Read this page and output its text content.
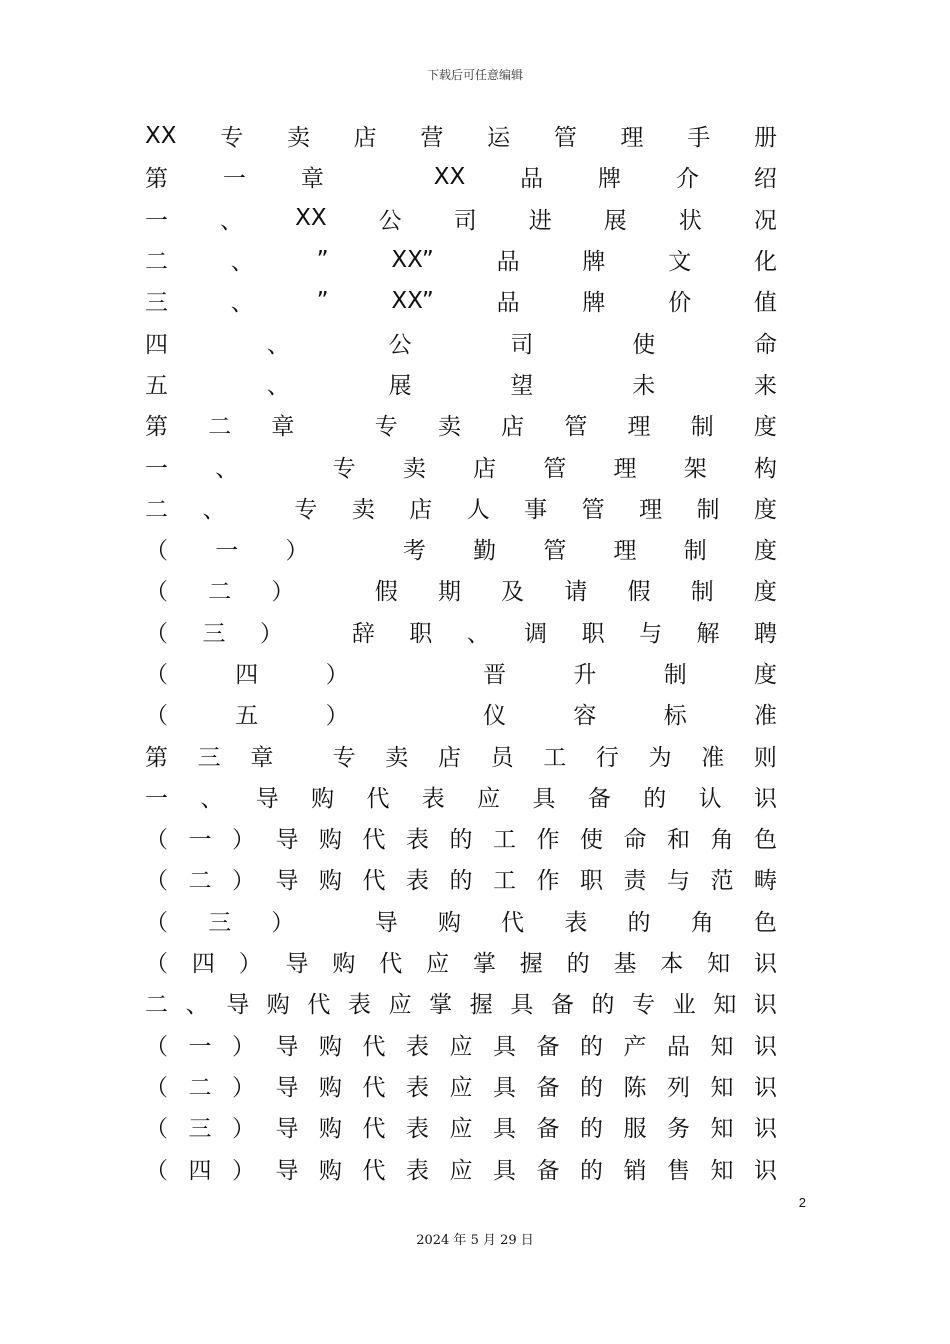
下载后可任意编辑
XX 专 卖 店 营 运 管 理 手 册
第 一 章	XX 品 牌 介 绍
一 、 XX 公 司 进 展 状 况
二	、	”	XX”	品	牌	文	化
三	、	”	XX”	品	牌	价	值
四	、	公	司	使	命
五	、	展	望	未	来
第 二 章	专 卖 店 管 理 制 度
一 、	专 卖 店 管 理 架 构
二 、	专 卖 店 人 事 管 理 制 度
（ 一 ）	考 勤 管 理 制 度
（ 二 ）	假 期 及 请 假 制 度
（ 三 ）	辞 职 、 调 职 与 解 聘
（	四	）	晋	升	制	度
（	五	）	仪	容	标	准
第 三 章	专 卖 店 员 工 行 为 准 则
一 、 导 购 代 表 应 具 备 的 认 识
（ 一 ） 导 购 代 表 的 工 作 使 命 和 角 色
（ 二 ） 导 购 代 表 的 工 作 职 责 与 范 畴
（ 三 ）	导 购 代 表 的 角 色
（ 四 ） 导 购 代 应 掌 握 的 基 本 知 识
二 、 导 购 代 表 应 掌 握 具 备 的 专 业 知 识
（ 一 ） 导 购 代 表 应 具 备 的 产 品 知 识
（ 二 ） 导 购 代 表 应 具 备 的 陈 列 知 识
（ 三 ） 导 购 代 表 应 具 备 的 服 务 知 识
（ 四 ） 导 购 代 表 应 具 备 的 销 售 知 识
2
2024 年 5 月 29 日
